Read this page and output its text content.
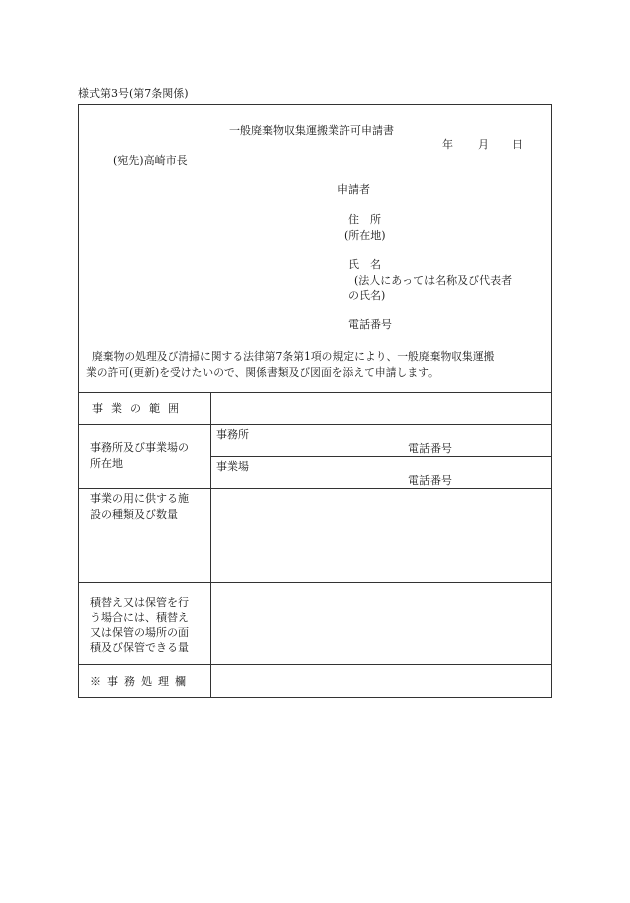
様式第3号(第7条関係)
一般廃棄物収集運搬業許可申請書
年 月 日
(宛先)高崎市長
申請者
住　所
(所在地)
氏　名
(法人にあっては名称及び代表者
の氏名)
電話番号
廃棄物の処理及び清掃に関する法律第7条第1項の規定により、一般廃棄物収集運搬
業の許可(更新)を受けたいので、関係書類及び図面を添えて申請します。
事業の範囲
事務所及び事業場の
所在地
事務所
電話番号
事業場
電話番号
事業の用に供する施
設の種類及び数量
積替え又は保管を行
う場合には、積替え
又は保管の場所の面
積及び保管できる量
※事務処理欄
